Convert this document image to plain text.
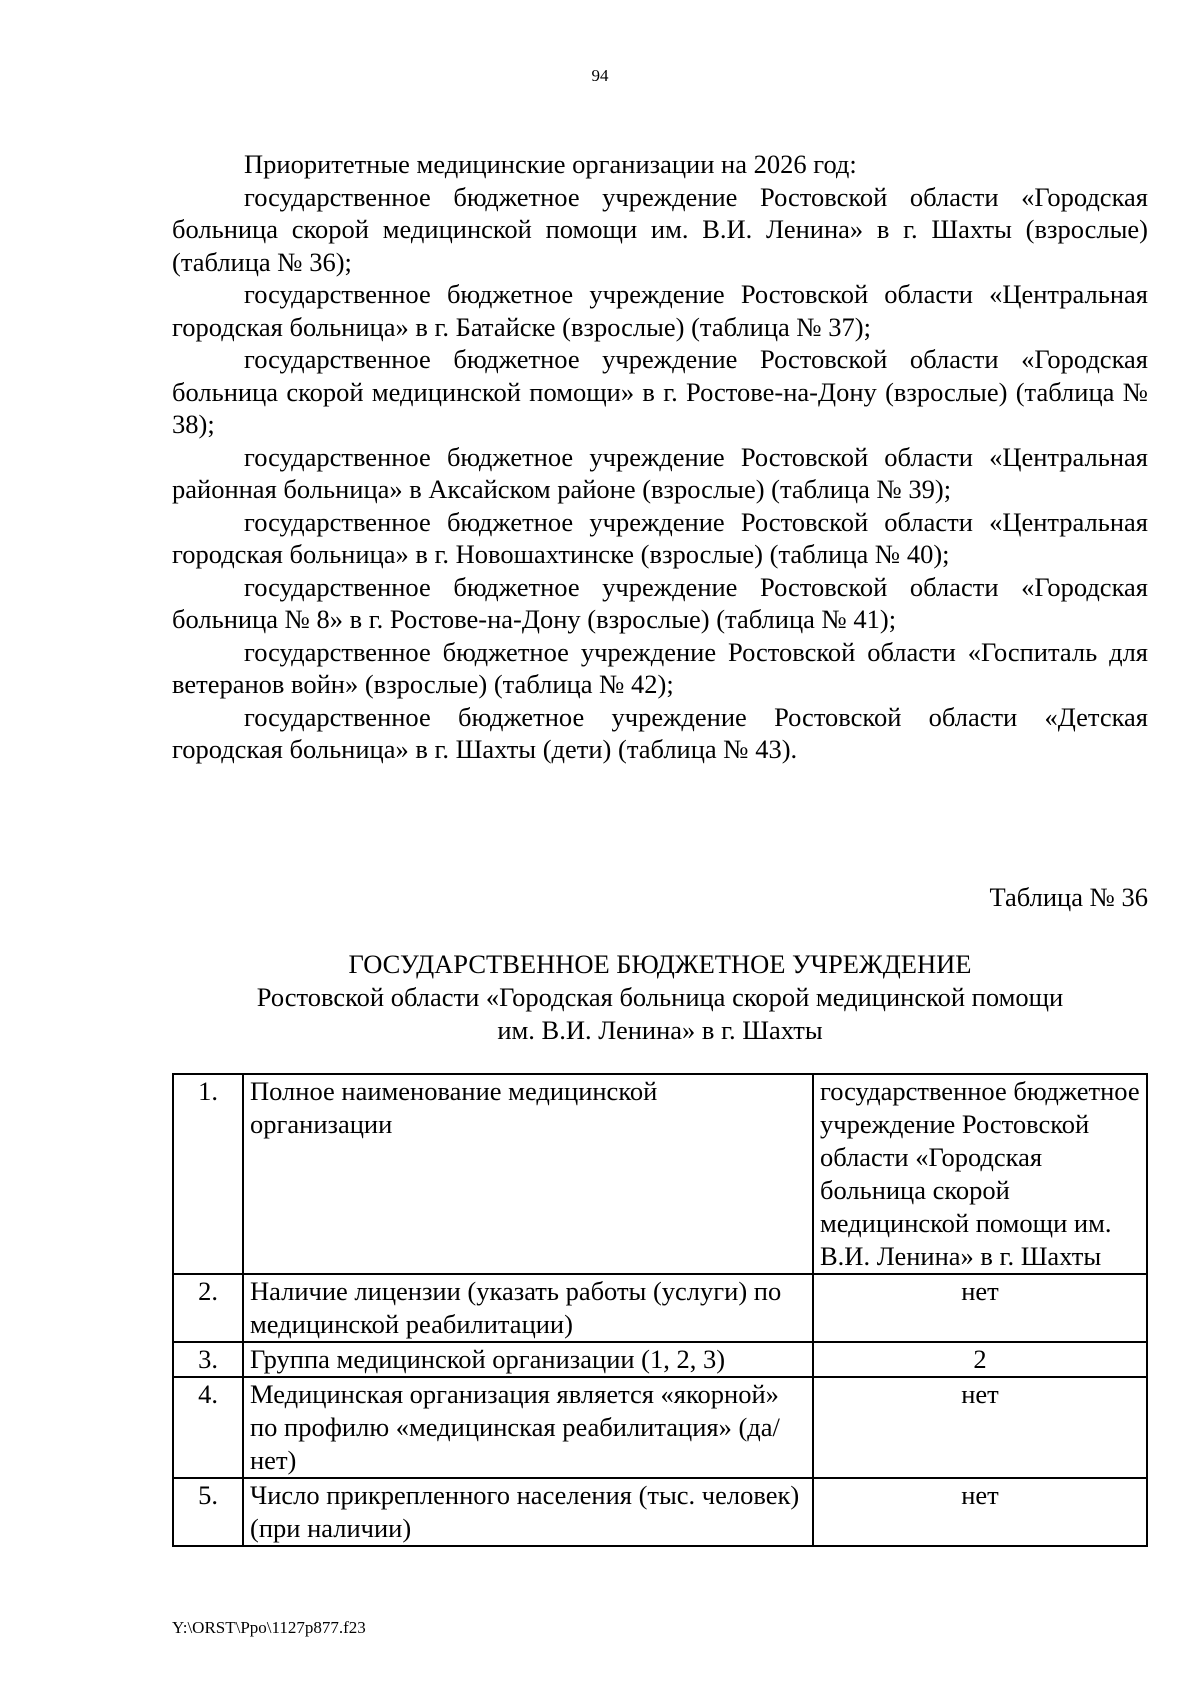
94
Приоритетные медицинские организации на 2026 год:

государственное бюджетное учреждение Ростовской области «Городская больница скорой медицинской помощи им. В.И. Ленина» в г. Шахты (взрослые) (таблица № 36);

государственное бюджетное учреждение Ростовской области «Центральная городская больница» в г. Батайске (взрослые) (таблица № 37);

государственное бюджетное учреждение Ростовской области «Городская больница скорой медицинской помощи» в г. Ростове-на-Дону (взрослые) (таблица № 38);

государственное бюджетное учреждение Ростовской области «Центральная районная больница» в Аксайском районе (взрослые) (таблица № 39);

государственное бюджетное учреждение Ростовской области «Центральная городская больница» в г. Новошахтинске (взрослые) (таблица № 40);

государственное бюджетное учреждение Ростовской области «Городская больница № 8» в г. Ростове-на-Дону (взрослые) (таблица № 41);

государственное бюджетное учреждение Ростовской области «Госпиталь для ветеранов войн» (взрослые) (таблица № 42);

государственное бюджетное учреждение Ростовской области «Детская городская больница» в г. Шахты (дети) (таблица № 43).

Таблица № 36
ГОСУДАРСТВЕННОЕ БЮДЖЕТНОЕ УЧРЕЖДЕНИЕ
Ростовской области «Городская больница скорой медицинской помощи
им. В.И. Ленина» в г. Шахты
1.	Полное наименование медицинской организации	государственное бюджетное учреждение Ростовской области «Городская больница скорой медицинской помощи им. В.И. Ленина» в г. Шахты
2.	Наличие лицензии (указать работы (услуги) по медицинской реабилитации)	нет
3.	Группа медицинской организации (1, 2, 3)	2
4.	Медицинская организация является «якорной» по профилю «медицинская реабилитация» (да/нет)	нет
5.	Число прикрепленного населения (тыс. человек) (при наличии)	нет
Y:\ORST\Ppo\1127p877.f23
